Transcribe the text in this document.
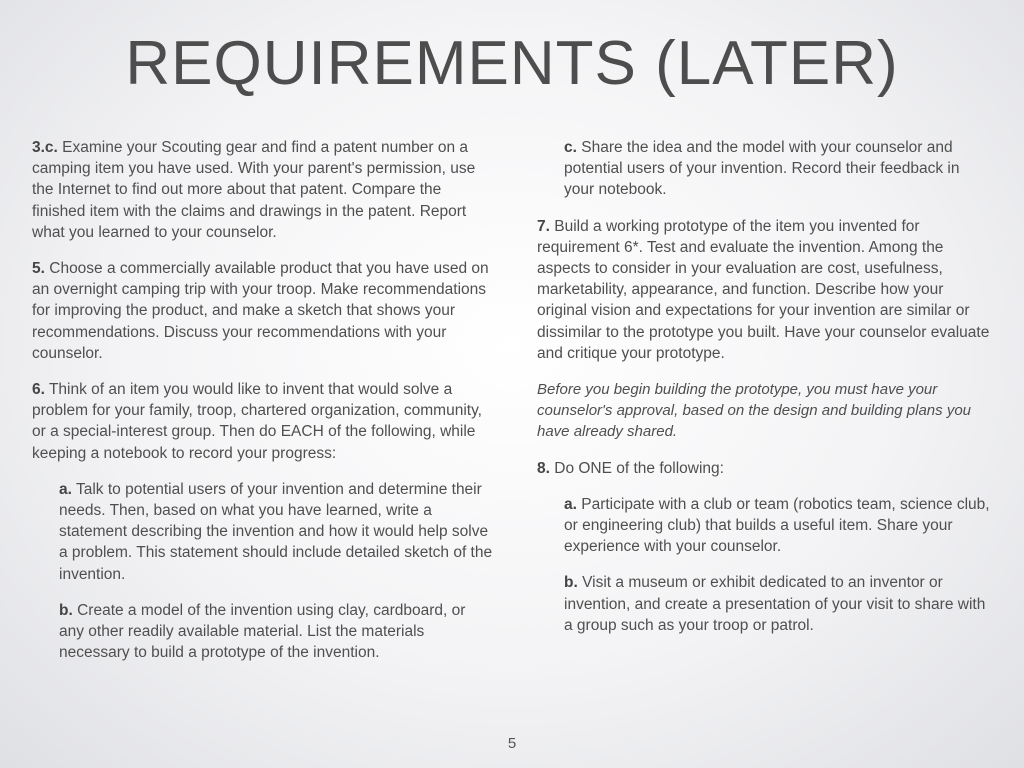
REQUIREMENTS (LATER)

3.c. Examine your Scouting gear and find a patent number on a camping item you have used. With your parent's permission, use the Internet to find out more about that patent. Compare the finished item with the claims and drawings in the patent. Report what you learned to your counselor.

5. Choose a commercially available product that you have used on an overnight camping trip with your troop. Make recommendations for improving the product, and make a sketch that shows your recommendations. Discuss your recommendations with your counselor.

6. Think of an item you would like to invent that would solve a problem for your family, troop, chartered organization, community, or a special-interest group. Then do EACH of the following, while keeping a notebook to record your progress:

a. Talk to potential users of your invention and determine their needs. Then, based on what you have learned, write a statement describing the invention and how it would help solve a problem. This statement should include detailed sketch of the invention.

b. Create a model of the invention using clay, cardboard, or any other readily available material. List the materials necessary to build a prototype of the invention.

c. Share the idea and the model with your counselor and potential users of your invention. Record their feedback in your notebook.

7. Build a working prototype of the item you invented for requirement 6*. Test and evaluate the invention. Among the aspects to consider in your evaluation are cost, usefulness, marketability, appearance, and function. Describe how your original vision and expectations for your invention are similar or dissimilar to the prototype you built. Have your counselor evaluate and critique your prototype.

Before you begin building the prototype, you must have your counselor's approval, based on the design and building plans you have already shared.

8. Do ONE of the following:

a. Participate with a club or team (robotics team, science club, or engineering club) that builds a useful item. Share your experience with your counselor.

b. Visit a museum or exhibit dedicated to an inventor or invention, and create a presentation of your visit to share with a group such as your troop or patrol.

5
